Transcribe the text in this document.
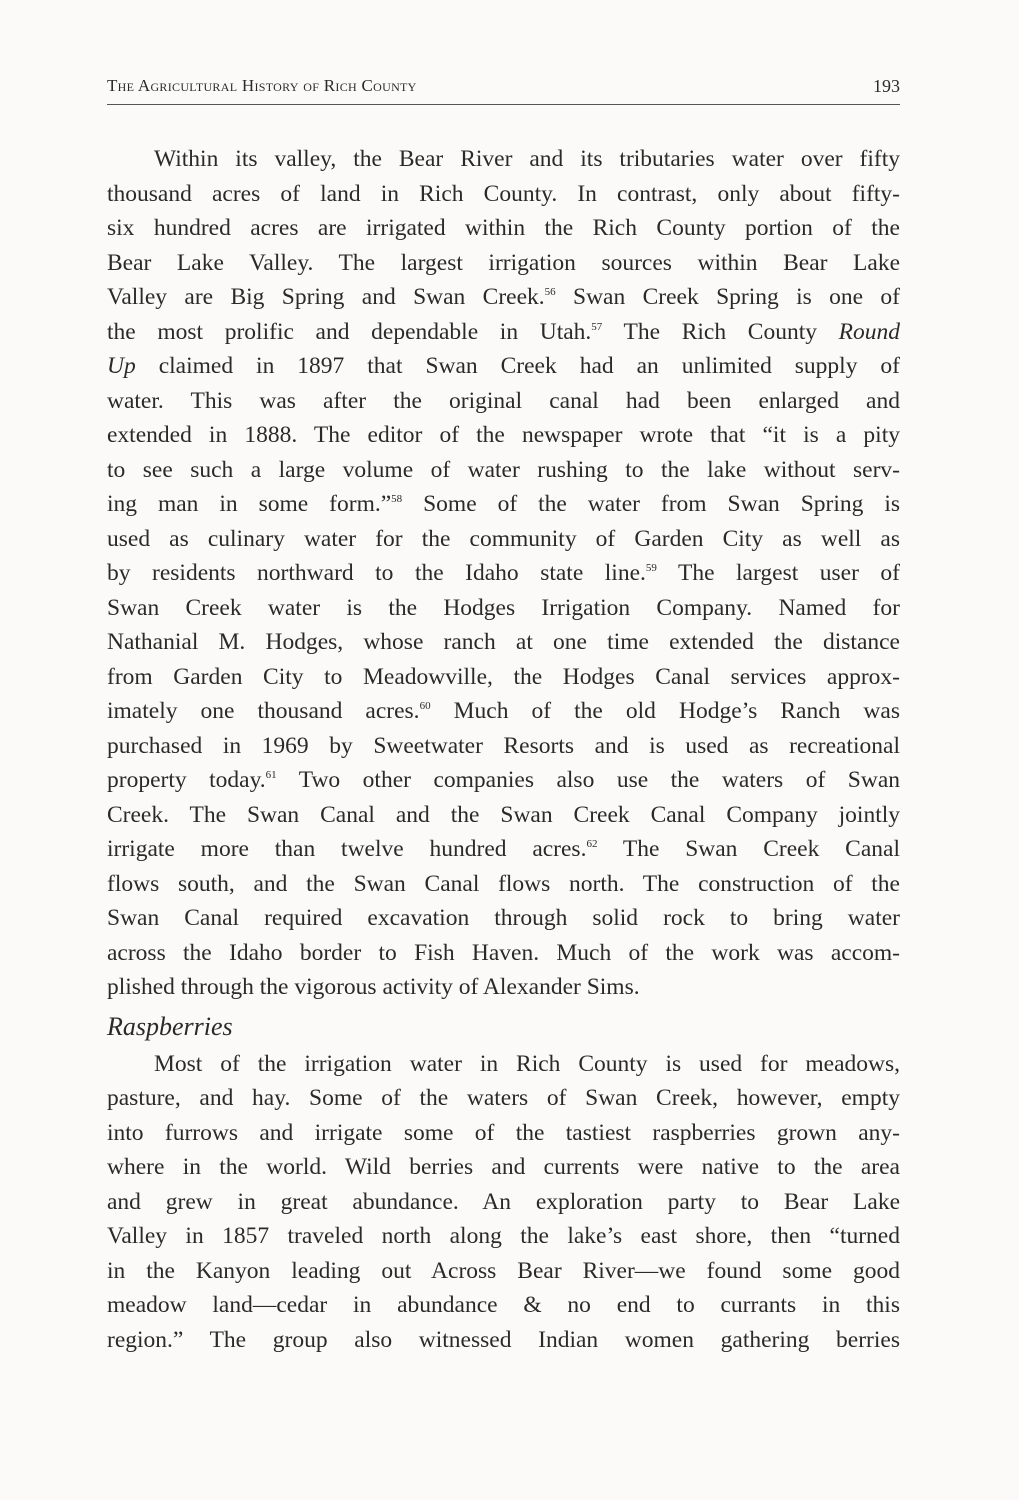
The Agricultural History of Rich County	193
Within its valley, the Bear River and its tributaries water over fifty
thousand acres of land in Rich County. In contrast, only about fifty-
six hundred acres are irrigated within the Rich County portion of the
Bear Lake Valley. The largest irrigation sources within Bear Lake
Valley are Big Spring and Swan Creek.$^{56}$ Swan Creek Spring is one of
the most prolific and dependable in Utah.$^{57}$ The Rich County Round
Up claimed in 1897 that Swan Creek had an unlimited supply of
water. This was after the original canal had been enlarged and
extended in 1888. The editor of the newspaper wrote that “it is a pity
to see such a large volume of water rushing to the lake without serv-
ing man in some form.”$^{58}$ Some of the water from Swan Spring is
used as culinary water for the community of Garden City as well as
by residents northward to the Idaho state line.$^{59}$ The largest user of
Swan Creek water is the Hodges Irrigation Company. Named for
Nathanial M. Hodges, whose ranch at one time extended the distance
from Garden City to Meadowville, the Hodges Canal services approx-
imately one thousand acres.$^{60}$ Much of the old Hodge’s Ranch was
purchased in 1969 by Sweetwater Resorts and is used as recreational
property today.$^{61}$ Two other companies also use the waters of Swan
Creek. The Swan Canal and the Swan Creek Canal Company jointly
irrigate more than twelve hundred acres.$^{62}$ The Swan Creek Canal
flows south, and the Swan Canal flows north. The construction of the
Swan Canal required excavation through solid rock to bring water
across the Idaho border to Fish Haven. Much of the work was accom-
plished through the vigorous activity of Alexander Sims.
Raspberries
Most of the irrigation water in Rich County is used for meadows,
pasture, and hay. Some of the waters of Swan Creek, however, empty
into furrows and irrigate some of the tastiest raspberries grown any-
where in the world. Wild berries and currents were native to the area
and grew in great abundance. An exploration party to Bear Lake
Valley in 1857 traveled north along the lake’s east shore, then “turned
in the Kanyon leading out Across Bear River—we found some good
meadow land—cedar in abundance & no end to currants in this
region.” The group also witnessed Indian women gathering berries
